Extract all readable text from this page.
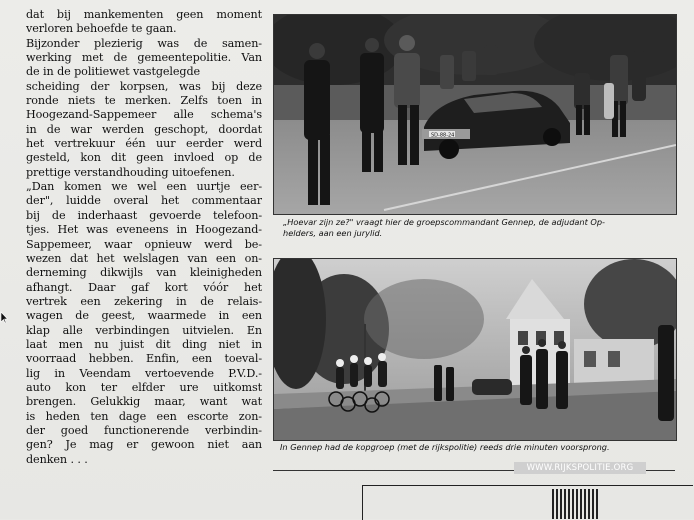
dat bij mankementen geen moment
verloren behoefde te gaan.
Bijzonder plezierig was de samen-
werking met de gemeentepolitie. Van
de in de politiewet vastgelegde
scheiding der korpsen, was bij deze
ronde niets te merken. Zelfs toen in
Hoogezand-Sappemeer alle schema's
in de war werden geschopt, doordat
het vertrekuur één uur eerder werd
gesteld, kon dit geen invloed op de
prettige verstandhouding uitoefenen.
„Dan komen we wel een uurtje eer-
der", luidde overal het commentaar
bij de inderhaast gevoerde telefoon-
tjes. Het was eveneens in Hoogezand-
Sappemeer, waar opnieuw werd be-
wezen dat het welslagen van een on-
derneming dikwijls van kleinigheden
afhangt. Daar gaf kort vóór het
vertrek een zekering in de relais-
wagen de geest, waarmede in een
klap alle verbindingen uitvielen. En
laat men nu juist dit ding niet in
voorraad hebben. Enfin, een toeval-
lig in Veendam vertoevende P.V.D.-
auto kon ter elfder ure uitkomst
brengen. Gelukkig maar, want wat
is heden ten dage een escorte zon-
der goed functionerende verbindin-
gen? Je mag er gewoon niet aan
denken . . .
SD-88-24
„Hoevar zijn ze?" vraagt hier de groepscommandant Gennep, de adjudant Op-
helders, aan een jurylid.
In Gennep had de kopgroep (met de rijkspolitie) reeds drie minuten voorsprong.
WWW.RIJKSPOLITIE.ORG
